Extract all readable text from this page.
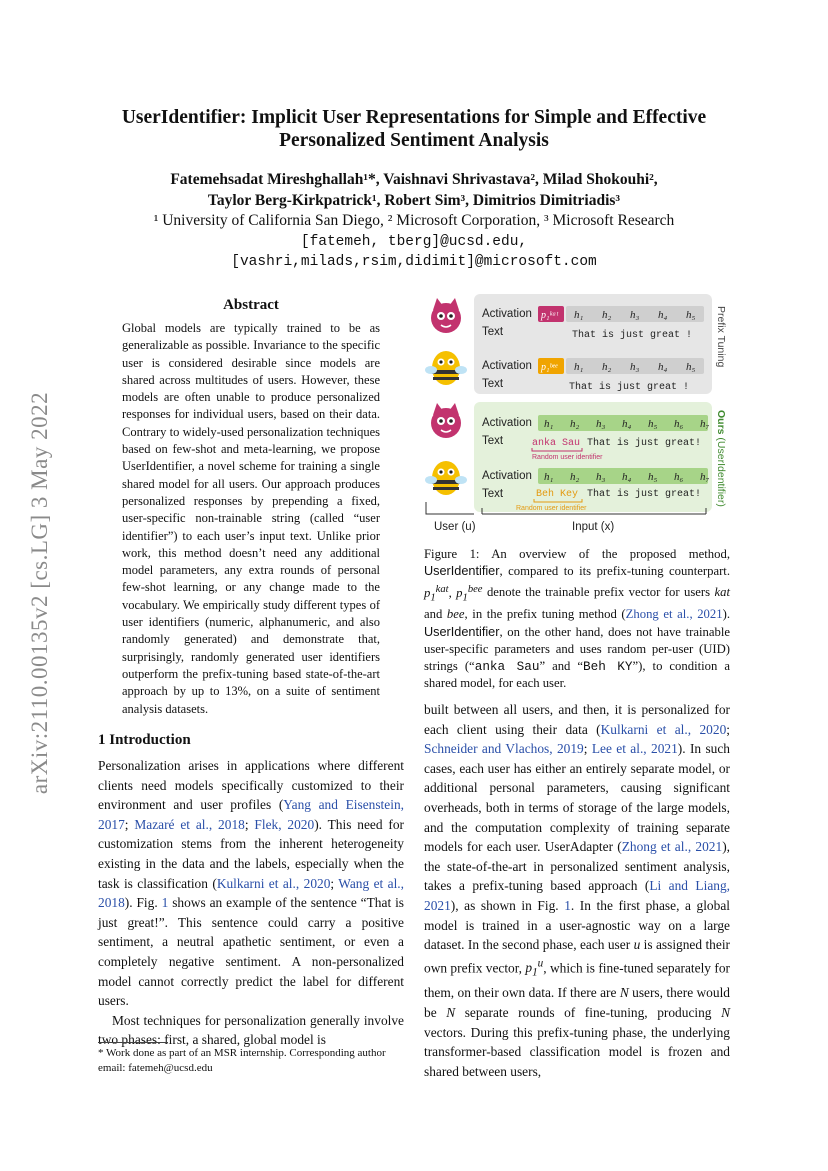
arXiv:2110.00135v2 [cs.LG] 3 May 2022
UserIdentifier: Implicit User Representations for Simple and Effective
Personalized Sentiment Analysis
Fatemehsadat Mireshghallah¹*, Vaishnavi Shrivastava², Milad Shokouhi²,
Taylor Berg-Kirkpatrick¹, Robert Sim³, Dimitrios Dimitriadis³
¹ University of California San Diego, ² Microsoft Corporation, ³ Microsoft Research
[fatemeh, tberg]@ucsd.edu,
[vashri,milads,rsim,didimit]@microsoft.com
Abstract
Global models are typically trained to be as generalizable as possible. Invariance to the specific user is considered desirable since models are shared across multitudes of users. However, these models are often unable to produce personalized responses for individual users, based on their data. Contrary to widely-used personalization techniques based on few-shot and meta-learning, we propose UserIdentifier, a novel scheme for training a single shared model for all users. Our approach produces personalized responses by prepending a fixed, user-specific non-trainable string (called “user identifier”) to each user’s input text. Unlike prior work, this method doesn’t need any additional model parameters, any extra rounds of personal few-shot learning, or any change made to the vocabulary. We empirically study different types of user identifiers (numeric, alphanumeric, and also randomly generated) and demonstrate that, surprisingly, randomly generated user identifiers outperform the prefix-tuning based state-of-the-art approach by up to 13%, on a suite of sentiment analysis datasets.
1 Introduction

Personalization arises in applications where different clients need models specifically customized to their environment and user profiles (Yang and Eisenstein, 2017; Mazaré et al., 2018; Flek, 2020). This need for customization stems from the inherent heterogeneity existing in the data and the labels, especially when the task is classification (Kulkarni et al., 2020; Wang et al., 2018). Fig. 1 shows an example of the sentence “That is just great!”. This sentence could carry a positive sentiment, a neutral apathetic sentiment, or even a completely negative sentiment. A non-personalized model cannot correctly predict the label for different users.

Most techniques for personalization generally involve two phases: first, a shared, global model is

* Work done as part of an MSR internship. Corresponding author email: fatemeh@ucsd.edu
Activation p₁ᵏᵃᵗ h₁ h₂ h₃ h₄ h₅
Text	That is just great !
Activation p₁ᵇᵉᵉ h₁ h₂ h₃ h₄ h₅
Text	That is just great !
Activation h₁ h₂ h₃ h₄ h₅ h₆ h₇
Text	anka Sau That is just great!
Random user identifier
Activation h₁ h₂ h₃ h₄ h₅ h₆ h₇
Text	Beh Key That is just great!
Random user identifier
Prefix Tuning
Ours (UserIdentifier)
User (u)	Input (x)
Figure 1: An overview of the proposed method, UserIdentifier, compared to its prefix-tuning counterpart. $p_1^{kat}$, $p_1^{bee}$ denote the trainable prefix vector for users kat and bee, in the prefix tuning method (Zhong et al., 2021). UserIdentifier, on the other hand, does not have trainable user-specific parameters and uses random per-user (UID) strings (“anka Sau” and “Beh KY”), to condition a shared model, for each user.

built between all users, and then, it is personalized for each client using their data (Kulkarni et al., 2020; Schneider and Vlachos, 2019; Lee et al., 2021). In such cases, each user has either an entirely separate model, or additional personal parameters, causing significant overheads, both in terms of storage of the large models, and the computation complexity of training separate models for each user. UserAdapter (Zhong et al., 2021), the state-of-the-art in personalized sentiment analysis, takes a prefix-tuning based approach (Li and Liang, 2021), as shown in Fig. 1. In the first phase, a global model is trained in a user-agnostic way on a large dataset. In the second phase, each user u is assigned their own prefix vector, $p_1^u$, which is fine-tuned separately for them, on their own data. If there are N users, there would be N separate rounds of fine-tuning, producing N vectors. During this prefix-tuning phase, the underlying transformer-based classification model is frozen and shared between users,
